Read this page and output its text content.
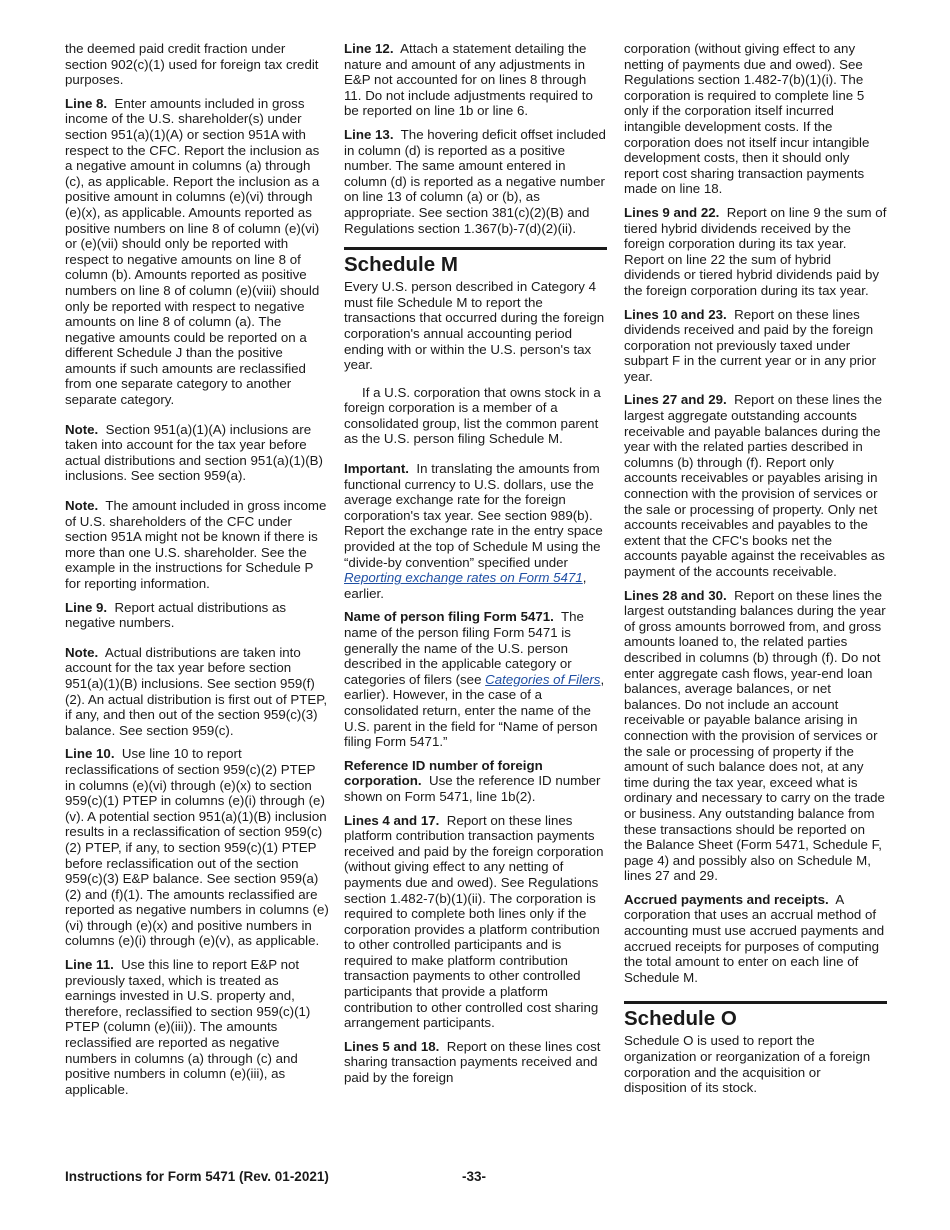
the deemed paid credit fraction under section 902(c)(1) used for foreign tax credit purposes.

Line 8. Enter amounts included in gross income of the U.S. shareholder(s) under section 951(a)(1)(A) or section 951A with respect to the CFC. Report the inclusion as a negative amount in columns (a) through (c), as applicable. Report the inclusion as a positive amount in columns (e)(vi) through (e)(x), as applicable. Amounts reported as positive numbers on line 8 of column (e)(vi) or (e)(vii) should only be reported with respect to negative amounts on line 8 of column (b). Amounts reported as positive numbers on line 8 of column (e)(viii) should only be reported with respect to negative amounts on line 8 of column (a). The negative amounts could be reported on a different Schedule J than the positive amounts if such amounts are reclassified from one separate category to another separate category.

Note. Section 951(a)(1)(A) inclusions are taken into account for the tax year before actual distributions and section 951(a)(1)(B) inclusions. See section 959(a).

Note. The amount included in gross income of U.S. shareholders of the CFC under section 951A might not be known if there is more than one U.S. shareholder. See the example in the instructions for Schedule P for reporting information.

Line 9. Report actual distributions as negative numbers.

Note. Actual distributions are taken into account for the tax year before section 951(a)(1)(B) inclusions. See section 959(f)(2). An actual distribution is first out of PTEP, if any, and then out of the section 959(c)(3) balance. See section 959(c).

Line 10. Use line 10 to report reclassifications of section 959(c)(2) PTEP in columns (e)(vi) through (e)(x) to section 959(c)(1) PTEP in columns (e)(i) through (e)(v). A potential section 951(a)(1)(B) inclusion results in a reclassification of section 959(c)(2) PTEP, if any, to section 959(c)(1) PTEP before reclassification out of the section 959(c)(3) E&P balance. See section 959(a)(2) and (f)(1). The amounts reclassified are reported as negative numbers in columns (e)(vi) through (e)(x) and positive numbers in columns (e)(i) through (e)(v), as applicable.

Line 11. Use this line to report E&P not previously taxed, which is treated as earnings invested in U.S. property and, therefore, reclassified to section 959(c)(1) PTEP (column (e)(iii)). The amounts reclassified are reported as negative numbers in columns (a) through (c) and positive numbers in column (e)(iii), as applicable.

Line 12. Attach a statement detailing the nature and amount of any adjustments in E&P not accounted for on lines 8 through 11. Do not include adjustments required to be reported on line 1b or line 6.

Line 13. The hovering deficit offset included in column (d) is reported as a positive number. The same amount entered in column (d) is reported as a negative number on line 13 of column (a) or (b), as appropriate. See section 381(c)(2)(B) and Regulations section 1.367(b)-7(d)(2)(ii).

Schedule M

Every U.S. person described in Category 4 must file Schedule M to report the transactions that occurred during the foreign corporation's annual accounting period ending with or within the U.S. person's tax year.

If a U.S. corporation that owns stock in a foreign corporation is a member of a consolidated group, list the common parent as the U.S. person filing Schedule M.

Important. In translating the amounts from functional currency to U.S. dollars, use the average exchange rate for the foreign corporation's tax year. See section 989(b). Report the exchange rate in the entry space provided at the top of Schedule M using the “divide-by convention” specified under Reporting exchange rates on Form 5471, earlier.

Name of person filing Form 5471. The name of the person filing Form 5471 is generally the name of the U.S. person described in the applicable category or categories of filers (see Categories of Filers, earlier). However, in the case of a consolidated return, enter the name of the U.S. parent in the field for “Name of person filing Form 5471.”

Reference ID number of foreign corporation. Use the reference ID number shown on Form 5471, line 1b(2).

Lines 4 and 17. Report on these lines platform contribution transaction payments received and paid by the foreign corporation (without giving effect to any netting of payments due and owed). See Regulations section 1.482-7(b)(1)(ii). The corporation is required to complete both lines only if the corporation provides a platform contribution to other controlled participants and is required to make platform contribution transaction payments to other controlled participants that provide a platform contribution to other controlled cost sharing arrangement participants.

Lines 5 and 18. Report on these lines cost sharing transaction payments received and paid by the foreign

corporation (without giving effect to any netting of payments due and owed). See Regulations section 1.482-7(b)(1)(i). The corporation is required to complete line 5 only if the corporation itself incurred intangible development costs. If the corporation does not itself incur intangible development costs, then it should only report cost sharing transaction payments made on line 18.

Lines 9 and 22. Report on line 9 the sum of tiered hybrid dividends received by the foreign corporation during its tax year. Report on line 22 the sum of hybrid dividends or tiered hybrid dividends paid by the foreign corporation during its tax year.

Lines 10 and 23. Report on these lines dividends received and paid by the foreign corporation not previously taxed under subpart F in the current year or in any prior year.

Lines 27 and 29. Report on these lines the largest aggregate outstanding accounts receivable and payable balances during the year with the related parties described in columns (b) through (f). Report only accounts receivables or payables arising in connection with the provision of services or the sale or processing of property. Only net accounts receivables and payables to the extent that the CFC's books net the accounts payable against the receivables as payment of the accounts receivable.

Lines 28 and 30. Report on these lines the largest outstanding balances during the year of gross amounts borrowed from, and gross amounts loaned to, the related parties described in columns (b) through (f). Do not enter aggregate cash flows, year-end loan balances, average balances, or net balances. Do not include an account receivable or payable balance arising in connection with the provision of services or the sale or processing of property if the amount of such balance does not, at any time during the tax year, exceed what is ordinary and necessary to carry on the trade or business. Any outstanding balance from these transactions should be reported on the Balance Sheet (Form 5471, Schedule F, page 4) and possibly also on Schedule M, lines 27 and 29.

Accrued payments and receipts. A corporation that uses an accrual method of accounting must use accrued payments and accrued receipts for purposes of computing the total amount to enter on each line of Schedule M.

Schedule O

Schedule O is used to report the organization or reorganization of a foreign corporation and the acquisition or disposition of its stock.

Instructions for Form 5471 (Rev. 01-2021)	-33-
